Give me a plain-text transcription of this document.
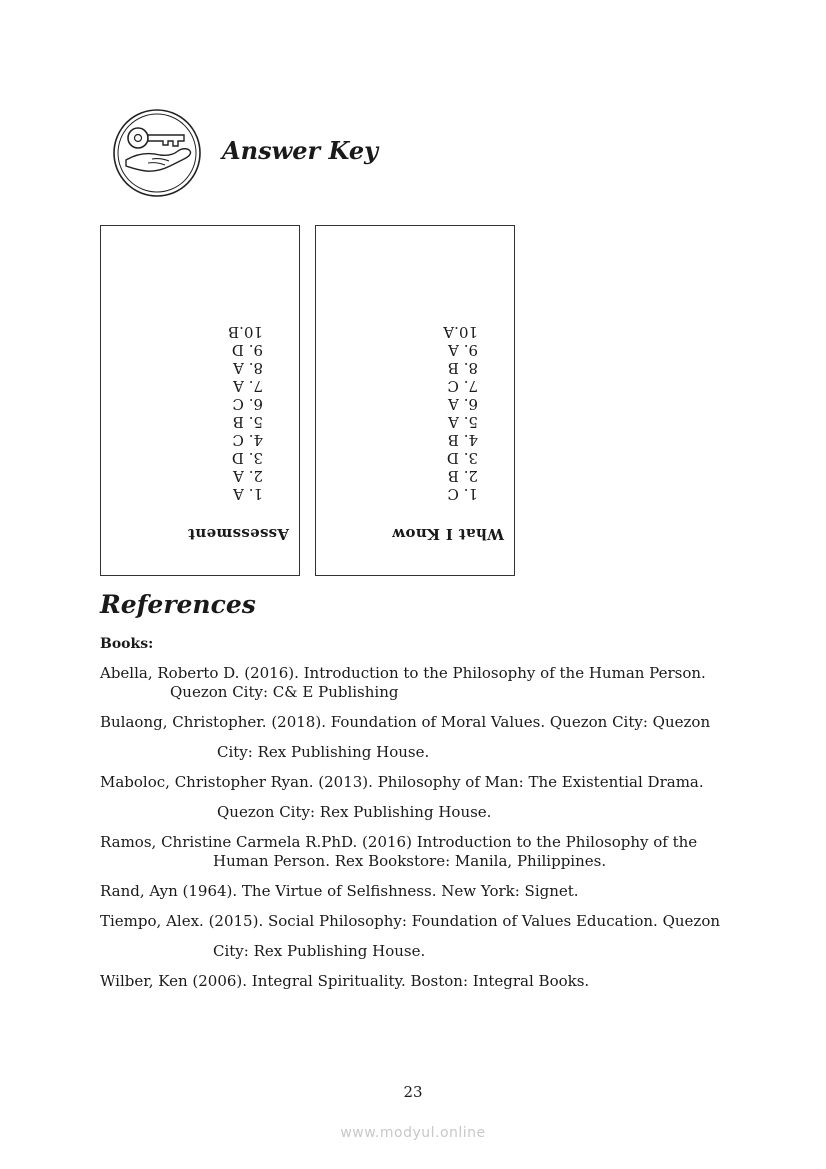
Answer Key
Assessment
1. A
2. A
3. D
4. C
5. B
6. C
7. A
8. A
9. D
10.B
What I Know
1. C
2. B
3. D
4. B
5. A
6. A
7. C
8. B
9. A
10.A
References
Books:

Abella, Roberto D. (2016). Introduction to the Philosophy of the Human Person.
Quezon City: C& E Publishing

Bulaong, Christopher. (2018). Foundation of Moral Values. Quezon City: Quezon
City: Rex Publishing House.

Maboloc, Christopher Ryan. (2013). Philosophy of Man: The Existential Drama.
Quezon City: Rex Publishing House.

Ramos, Christine Carmela R.PhD. (2016) Introduction to the Philosophy of the
Human Person. Rex Bookstore: Manila, Philippines.

Rand, Ayn (1964). The Virtue of Selfishness. New York: Signet.

Tiempo, Alex. (2015). Social Philosophy: Foundation of Values Education. Quezon
City: Rex Publishing House.

Wilber, Ken (2006). Integral Spirituality. Boston: Integral Books.

23
www.modyul.online
